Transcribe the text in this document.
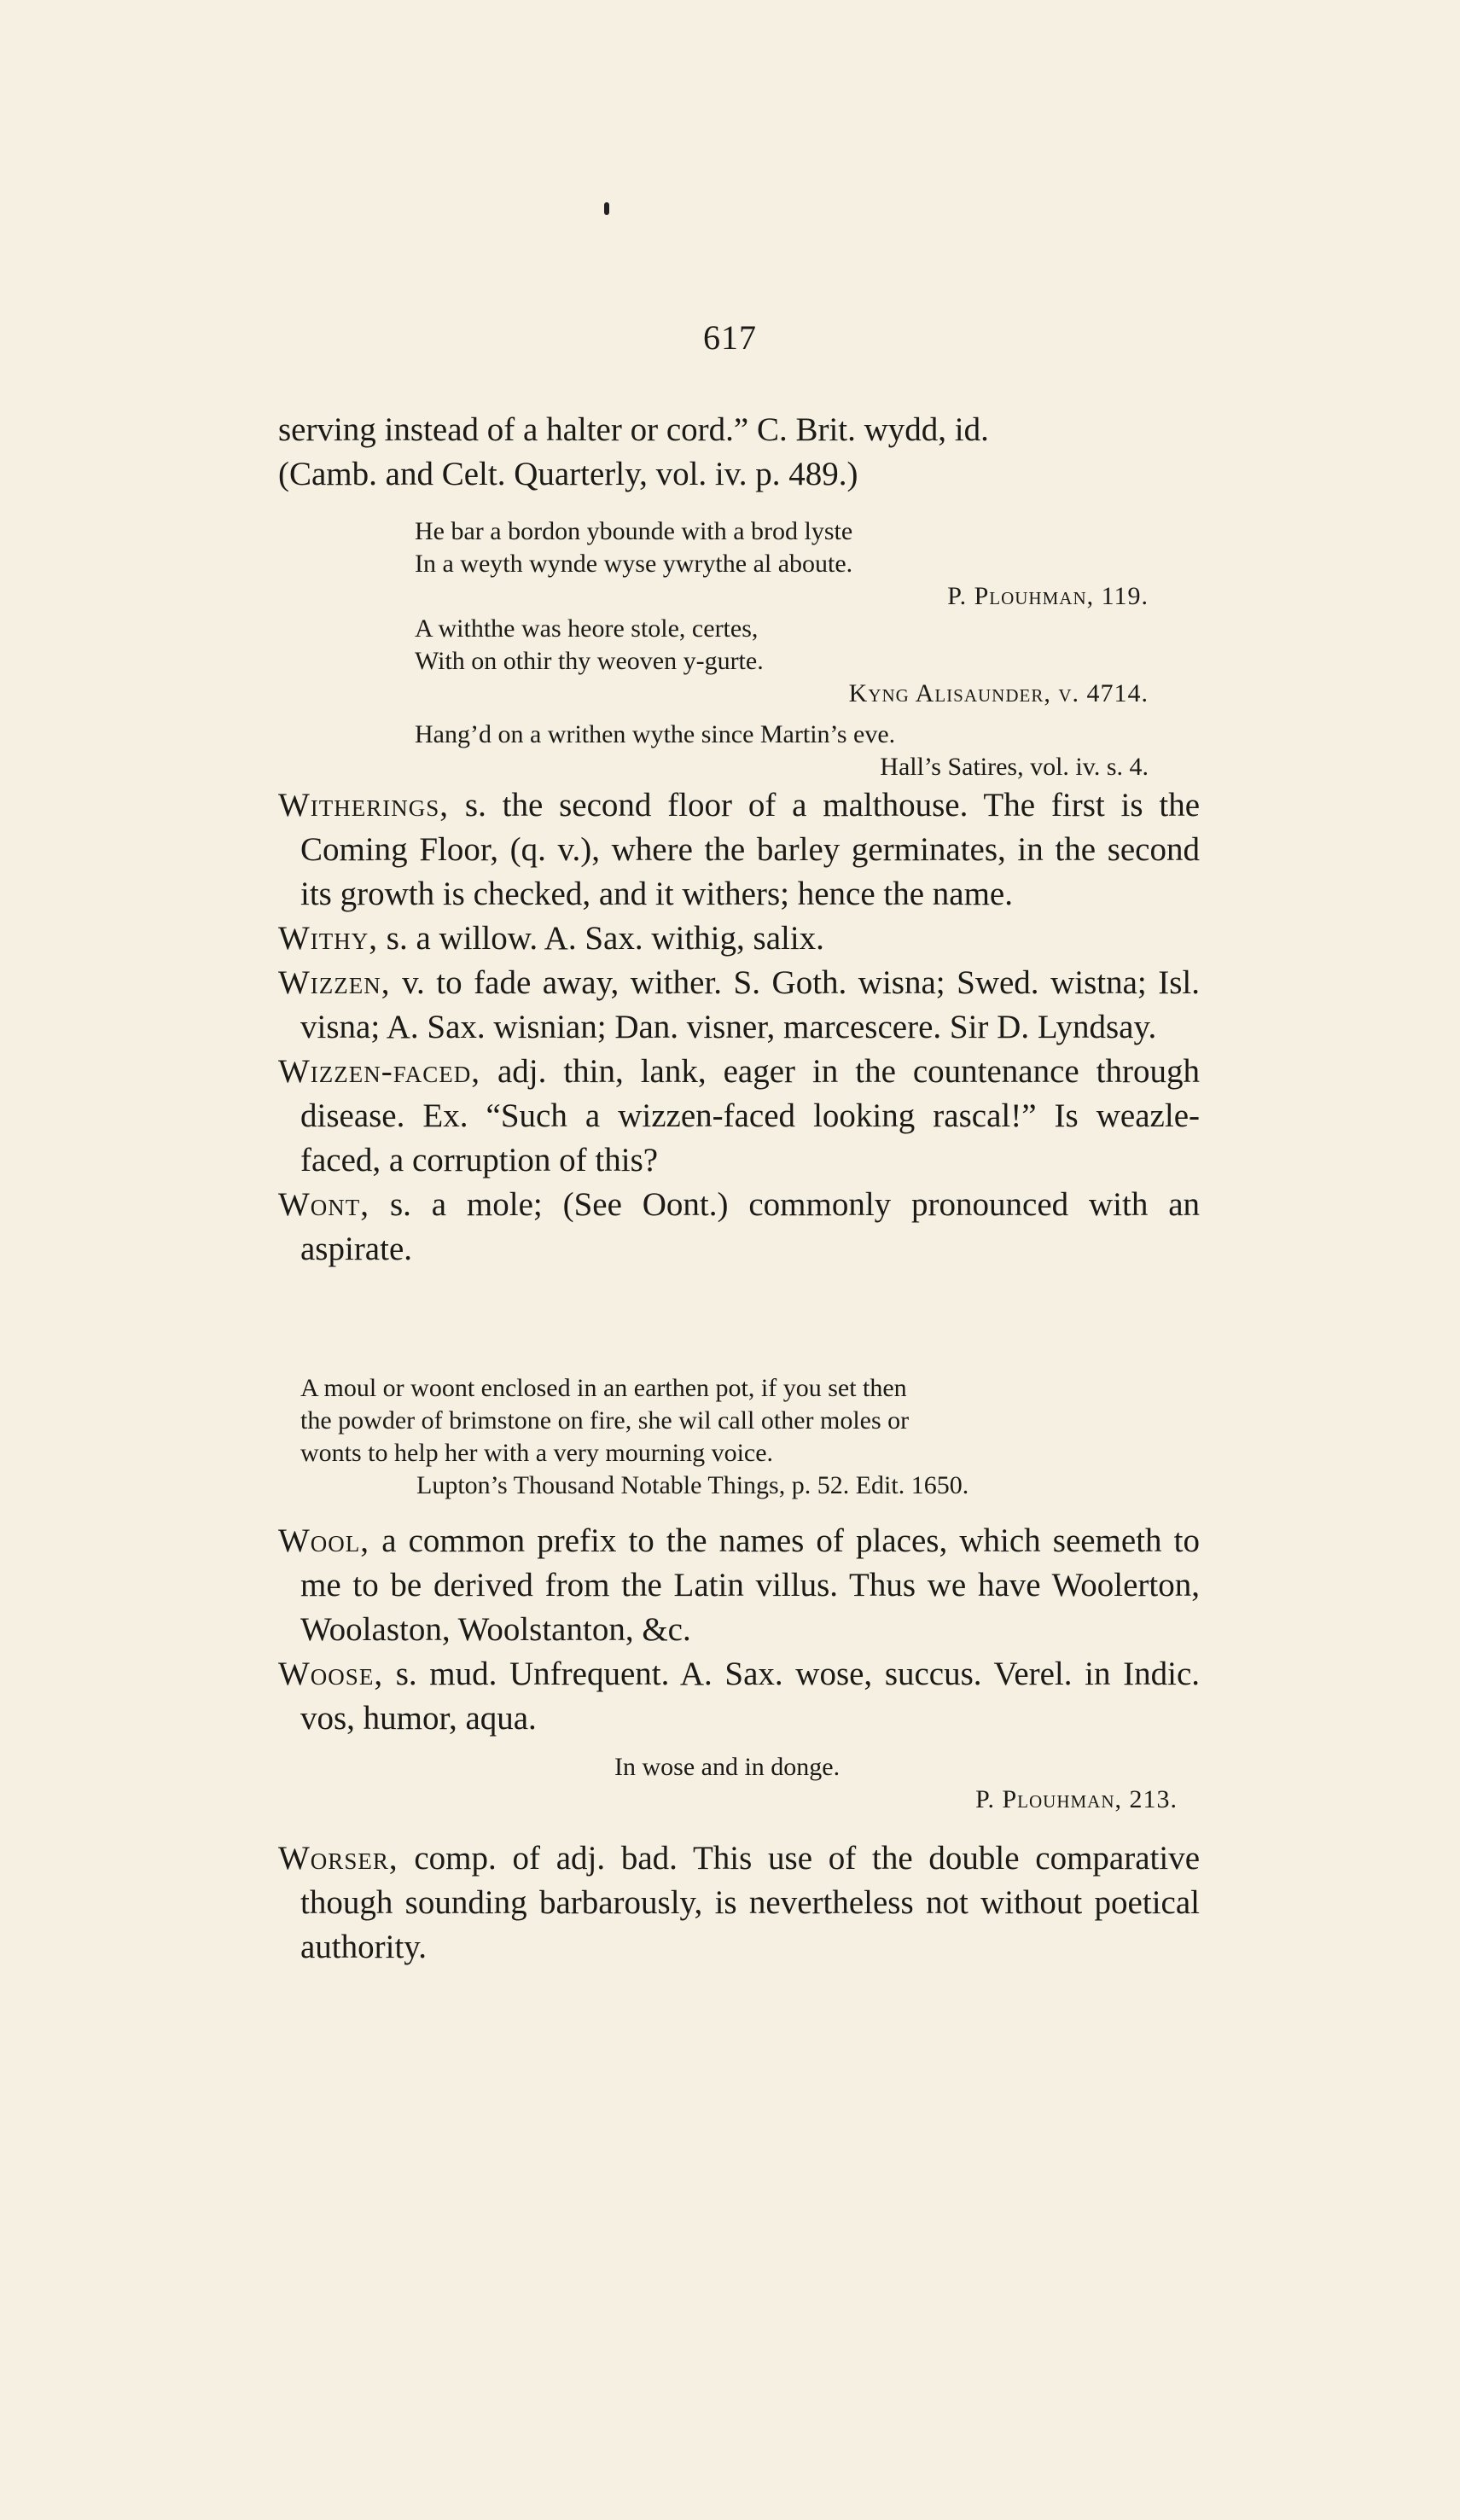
617

serving instead of a halter or cord.” C. Brit. wydd, id.

(Camb. and Celt. Quarterly, vol. iv. p. 489.)

He bar a bordon ybounde with a brod lyste
In a weyth wynde wyse ywrythe al aboute.
P. Plouhman, 119.
A withthe was heore stole, certes,
With on othir thy weoven y-gurte.
Kyng Alisaunder, v. 4714.
Hang’d on a writhen wythe since Martin’s eve.
Hall’s Satires, vol. iv. s. 4.

Witherings, s. the second floor of a malthouse. The first is the Coming Floor, (q. v.), where the barley germinates, in the second its growth is checked, and it withers; hence the name.

Withy, s. a willow. A. Sax. withig, salix.

Wizzen, v. to fade away, wither. S. Goth. wisna; Swed. wistna; Isl. visna; A. Sax. wisnian; Dan. visner, marcescere. Sir D. Lyndsay.

Wizzen-faced, adj. thin, lank, eager in the countenance through disease. Ex. “Such a wizzen-faced looking rascal!” Is weazle-faced, a corruption of this?

Wont, s. a mole; (See Oont.) commonly pronounced with an aspirate.

A moul or woont enclosed in an earthen pot, if you set then
the powder of brimstone on fire, she wil call other moles or
wonts to help her with a very mourning voice.
Lupton’s Thousand Notable Things, p. 52. Edit. 1650.

Wool, a common prefix to the names of places, which seemeth to me to be derived from the Latin villus. Thus we have Woolerton, Woolaston, Woolstanton, &c.

Woose, s. mud. Unfrequent. A. Sax. wose, succus. Verel. in Indic. vos, humor, aqua.

In wose and in donge.
P. Plouhman, 213.

Worser, comp. of adj. bad. This use of the double comparative though sounding barbarously, is nevertheless not without poetical authority.
